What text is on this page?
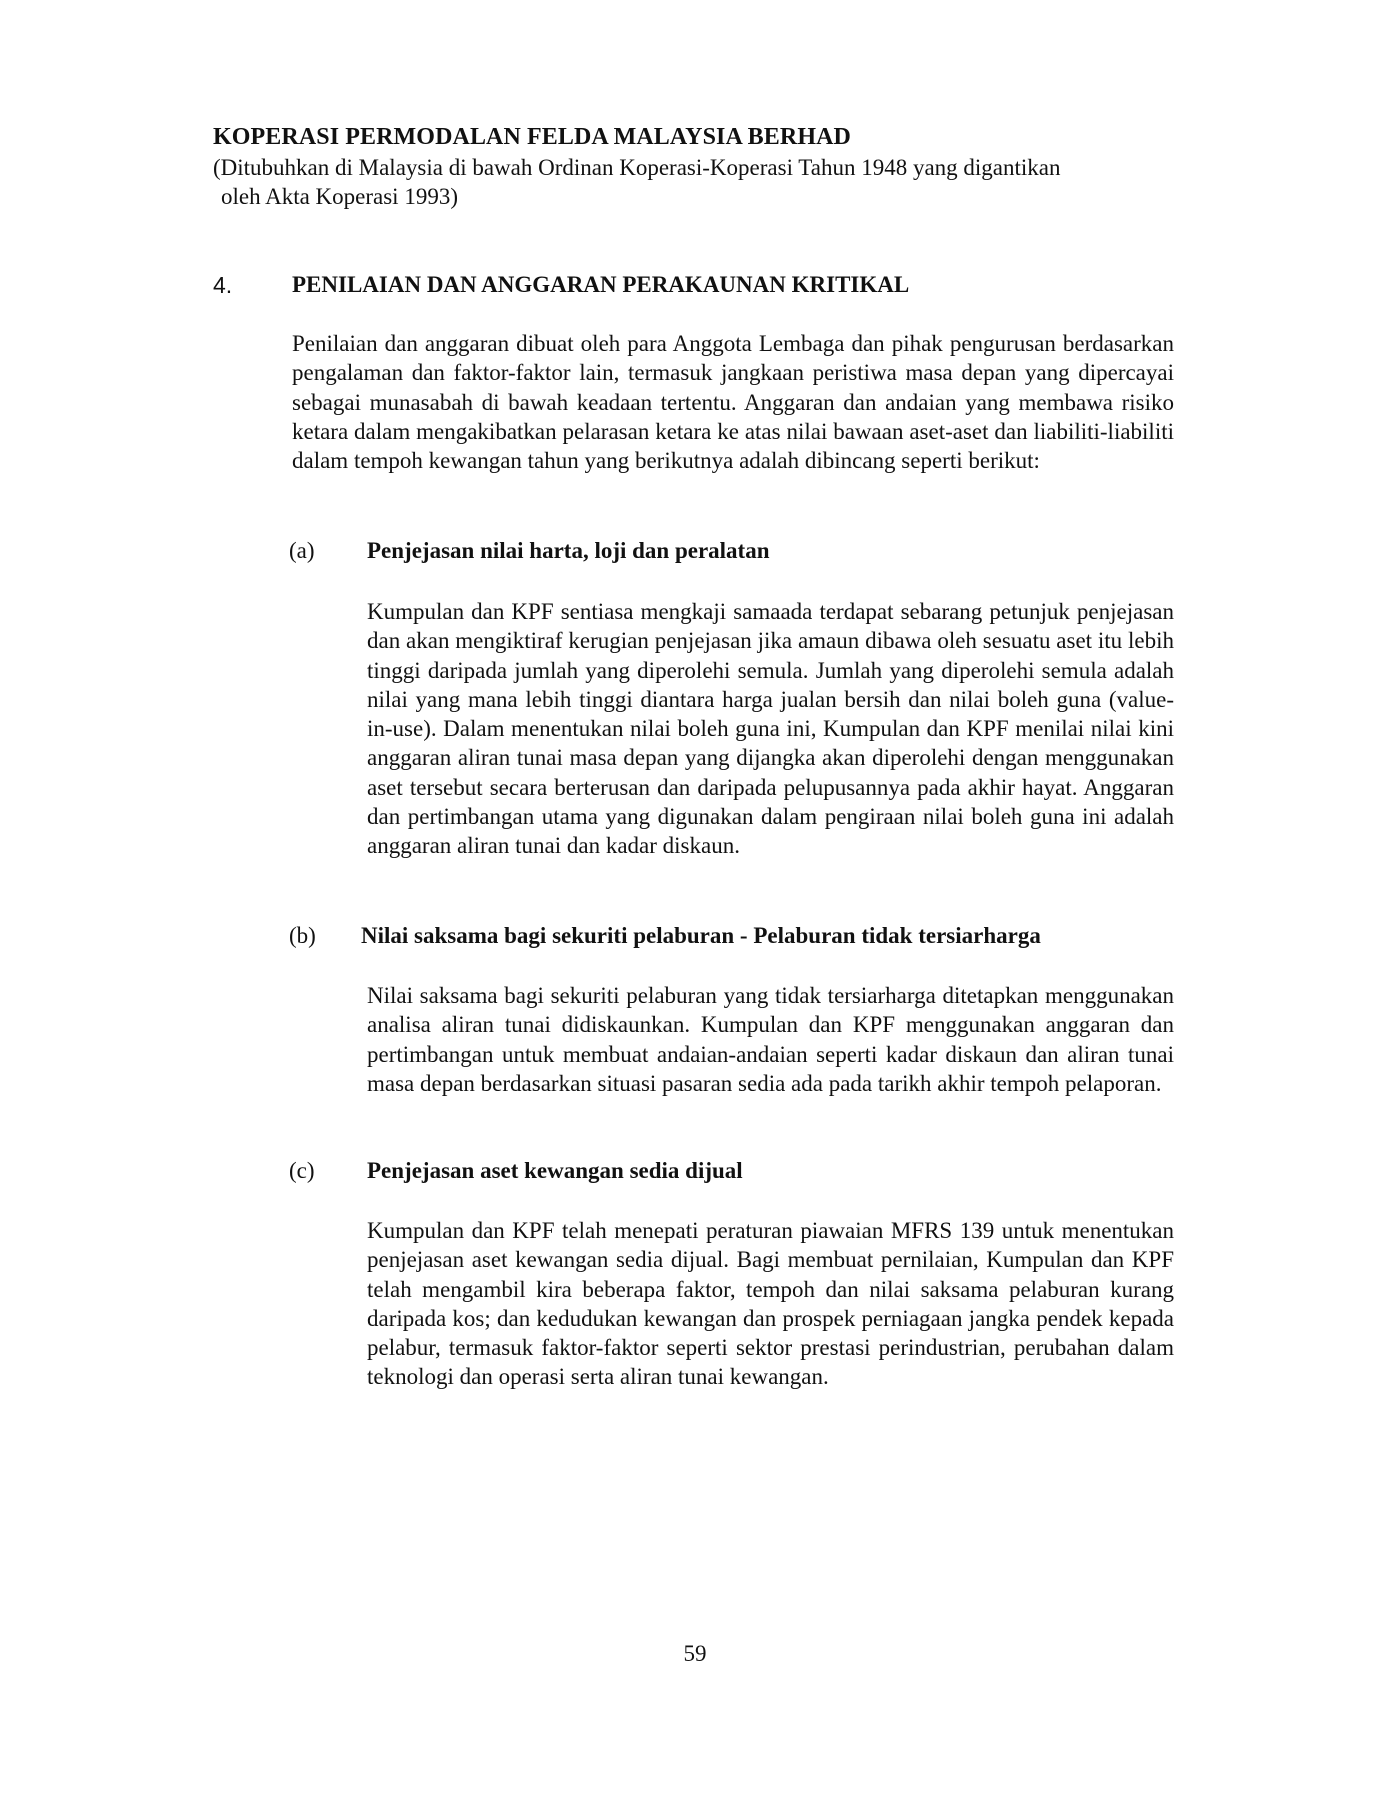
KOPERASI PERMODALAN FELDA MALAYSIA BERHAD
(Ditubuhkan di Malaysia di bawah Ordinan Koperasi-Koperasi Tahun 1948 yang digantikan
oleh Akta Koperasi 1993)
4.	PENILAIAN DAN ANGGARAN PERAKAUNAN KRITIKAL
Penilaian dan anggaran dibuat oleh para Anggota Lembaga dan pihak pengurusan berdasarkan pengalaman dan faktor-faktor lain, termasuk jangkaan peristiwa masa depan yang dipercayai sebagai munasabah di bawah keadaan tertentu. Anggaran dan andaian yang membawa risiko ketara dalam mengakibatkan pelarasan ketara ke atas nilai bawaan aset-aset dan liabiliti-liabiliti dalam tempoh kewangan tahun yang berikutnya adalah dibincang seperti berikut:
(a) Penjejasan nilai harta, loji dan peralatan
Kumpulan dan KPF sentiasa mengkaji samaada terdapat sebarang petunjuk penjejasan dan akan mengiktiraf kerugian penjejasan jika amaun dibawa oleh sesuatu aset itu lebih tinggi daripada jumlah yang diperolehi semula. Jumlah yang diperolehi semula adalah nilai yang mana lebih tinggi diantara harga jualan bersih dan nilai boleh guna (value-in-use). Dalam menentukan nilai boleh guna ini, Kumpulan dan KPF menilai nilai kini anggaran aliran tunai masa depan yang dijangka akan diperolehi dengan menggunakan aset tersebut secara berterusan dan daripada pelupusannya pada akhir hayat. Anggaran dan pertimbangan utama yang digunakan dalam pengiraan nilai boleh guna ini adalah anggaran aliran tunai dan kadar diskaun.
(b) Nilai saksama bagi sekuriti pelaburan - Pelaburan tidak tersiarharga
Nilai saksama bagi sekuriti pelaburan yang tidak tersiarharga ditetapkan menggunakan analisa aliran tunai didiskaunkan. Kumpulan dan KPF menggunakan anggaran dan pertimbangan untuk membuat andaian-andaian seperti kadar diskaun dan aliran tunai masa depan berdasarkan situasi pasaran sedia ada pada tarikh akhir tempoh pelaporan.
(c) Penjejasan aset kewangan sedia dijual
Kumpulan dan KPF telah menepati peraturan piawaian MFRS 139 untuk menentukan penjejasan aset kewangan sedia dijual. Bagi membuat pernilaian, Kumpulan dan KPF telah mengambil kira beberapa faktor, tempoh dan nilai saksama pelaburan kurang daripada kos; dan kedudukan kewangan dan prospek perniagaan jangka pendek kepada pelabur, termasuk faktor-faktor seperti sektor prestasi perindustrian, perubahan dalam teknologi dan operasi serta aliran tunai kewangan.
59
